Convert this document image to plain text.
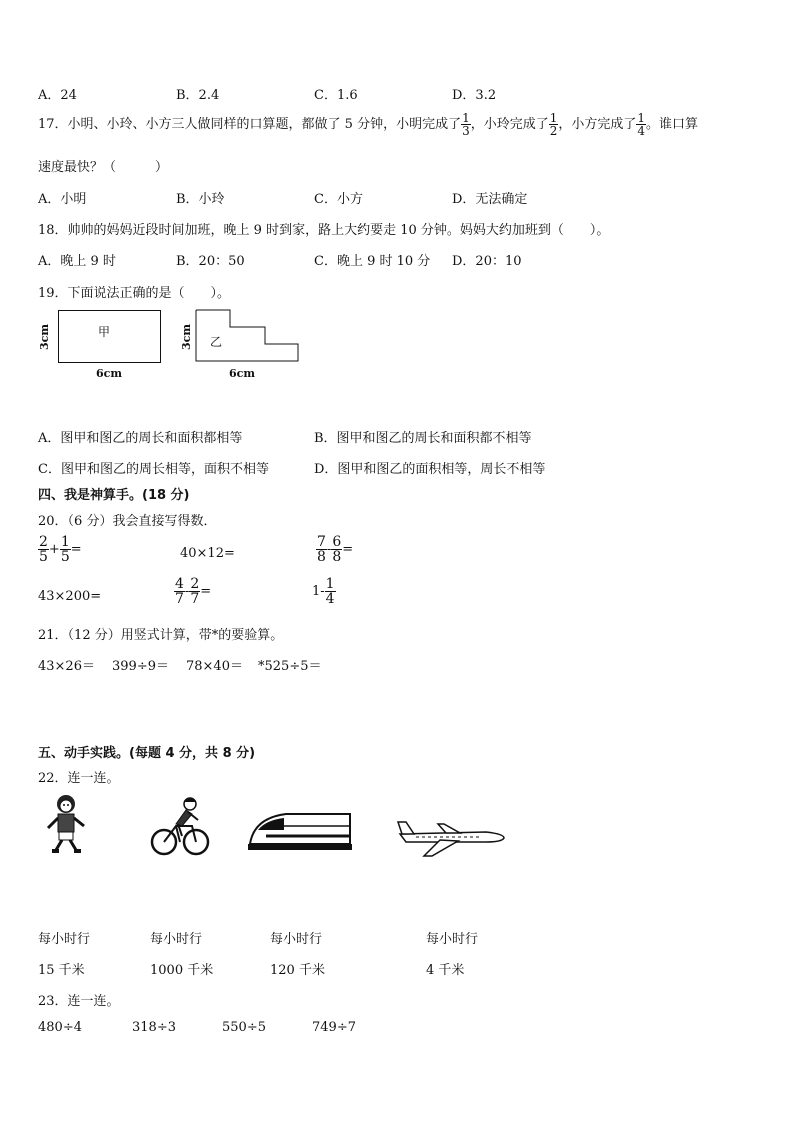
A．24	B．2.4	C．1.6	D．3.2
17．小明、小玲、小方三人做同样的口算题，都做了 5 分钟，小明完成了 $\frac{1}{3}$ ，小玲完成了 $\frac{1}{2}$ ，小方完成了 $\frac{1}{4}$ 。谁口算
速度最快？（　　　）
A．小明	B．小玲	C．小方	D．无法确定
18．帅帅的妈妈近段时间加班，晚上 9 时到家，路上大约要走 10 分钟。妈妈大约加班到（　　）。
A．晚上 9 时	B．20：50	C．晚上 9 时 10 分 D．20：10
19．下面说法正确的是（　　）。
甲
3cm
6cm
乙
3cm
6cm
A．图甲和图乙的周长和面积都相等	B．图甲和图乙的周长和面积都不相等
C．图甲和图乙的周长相等，面积不相等	D．图甲和图乙的面积相等，周长不相等
四、我是神算手。(18 分)
20．（6 分）我会直接写得数．
$\frac{2}{5} + \frac{1}{5}$ =	40×12=	$\frac{7}{8} - \frac{6}{8}$ =
43×200=	$\frac{4}{7} - \frac{2}{7}$ =	$1- \frac{1}{4}$
21．（12 分）用竖式计算，带*的要验算。
43×26＝ 399÷9＝ 78×40＝ *525÷5＝
五、动手实践。(每题 4 分，共 8 分)
22．连一连。
每小时行	每小时行	每小时行	每小时行
15 千米	1000 千米	120 千米	4 千米
23．连一连。
480÷4	318÷3	550÷5	749÷7
